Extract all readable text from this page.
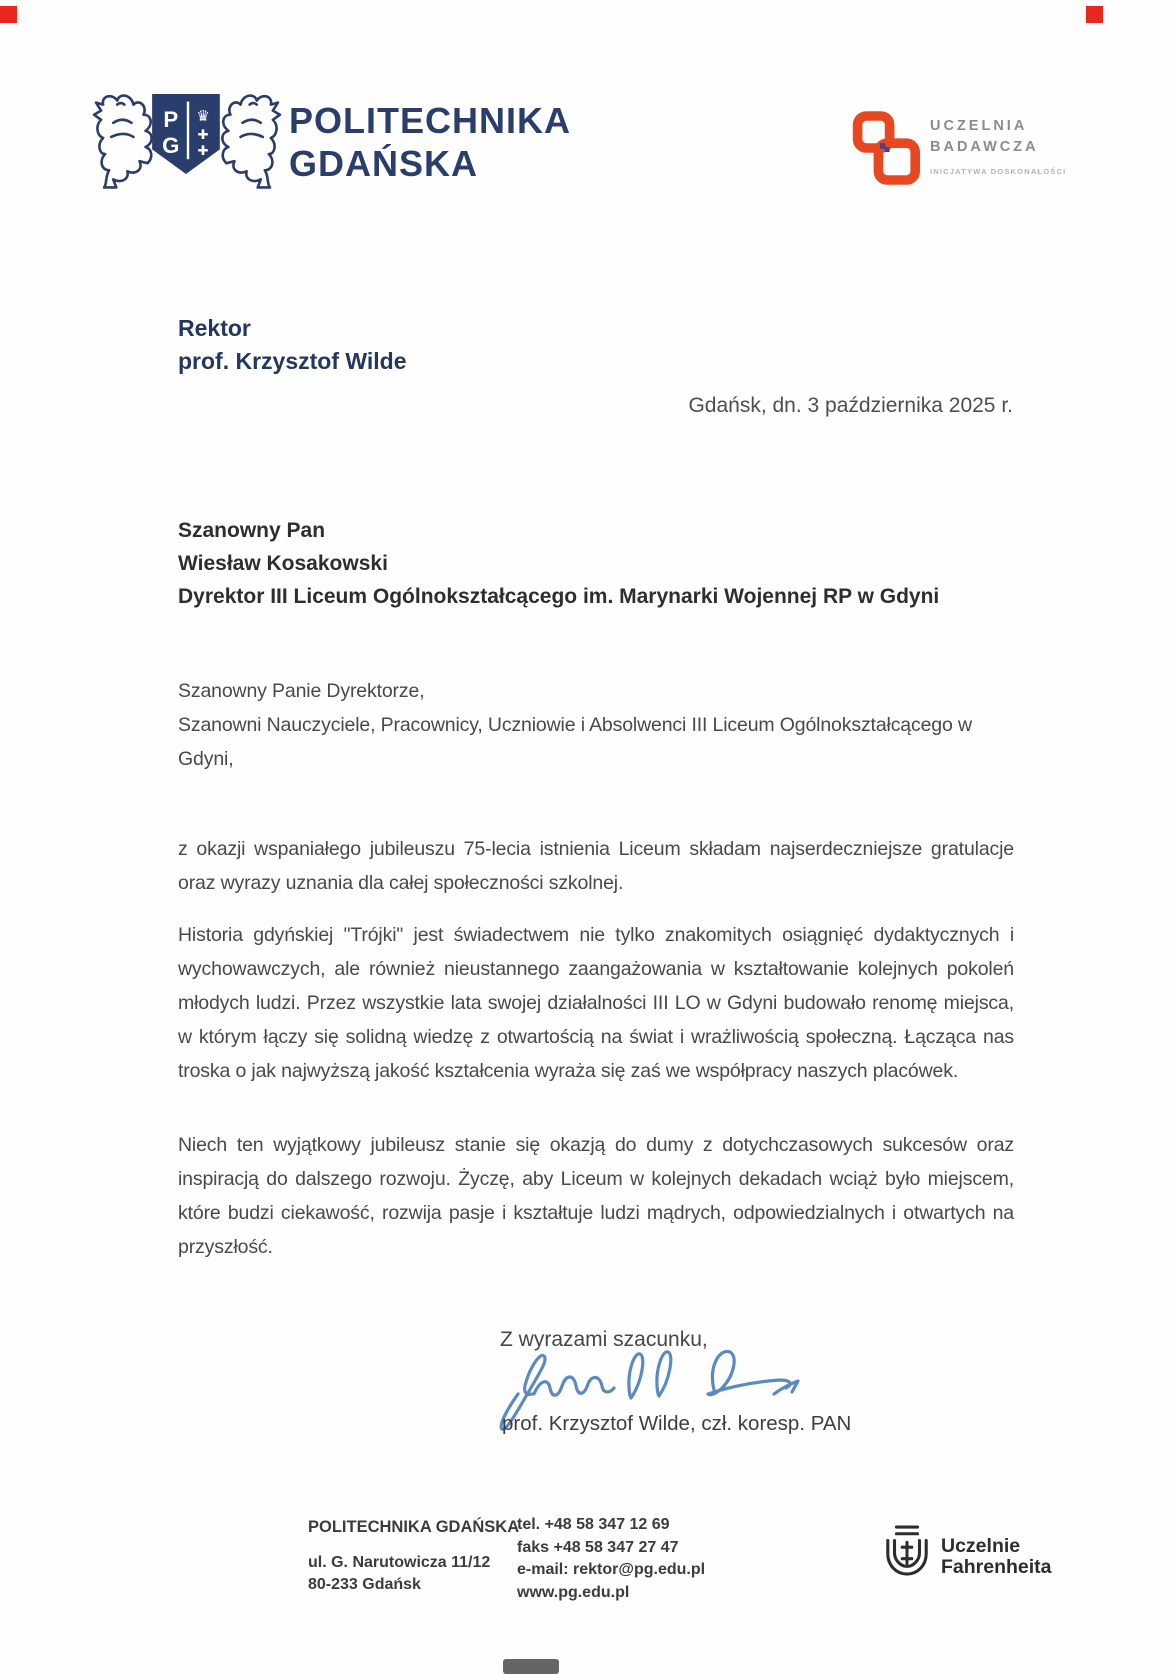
P
G
♛
✚
✚
POLITECHNIKA
GDAŃSKA
UCZELNIA
BADAWCZA
INICJATYWA DOSKONAŁOŚCI
Rektor
prof. Krzysztof Wilde
Gdańsk, dn. 3 października 2025 r.
Szanowny Pan
Wiesław Kosakowski
Dyrektor III Liceum Ogólnokształcącego im. Marynarki Wojennej RP w Gdyni
Szanowny Panie Dyrektorze,
Szanowni Nauczyciele, Pracownicy, Uczniowie i Absolwenci III Liceum Ogólnokształcącego w Gdyni,
z okazji wspaniałego jubileuszu 75-lecia istnienia Liceum składam najserdeczniejsze gratulacje oraz wyrazy uznania dla całej społeczności szkolnej.
Historia gdyńskiej "Trójki" jest świadectwem nie tylko znakomitych osiągnięć dydaktycznych i wychowawczych, ale również nieustannego zaangażowania w kształtowanie kolejnych pokoleń młodych ludzi. Przez wszystkie lata swojej działalności III LO w Gdyni budowało renomę miejsca, w którym łączy się solidną wiedzę z otwartością na świat i wrażliwością społeczną. Łącząca nas troska o jak najwyższą jakość kształcenia wyraża się zaś we współpracy naszych placówek.
Niech ten wyjątkowy jubileusz stanie się okazją do dumy z dotychczasowych sukcesów oraz inspiracją do dalszego rozwoju. Życzę, aby Liceum w kolejnych dekadach wciąż było miejscem, które budzi ciekawość, rozwija pasje i kształtuje ludzi mądrych, odpowiedzialnych i otwartych na przyszłość.
Z wyrazami szacunku,
prof. Krzysztof Wilde, czł. koresp. PAN
POLITECHNIKA GDAŃSKA
ul. G. Narutowicza 11/12
80-233 Gdańsk
tel. +48 58 347 12 69
faks +48 58 347 27 47
e-mail: rektor@pg.edu.pl
www.pg.edu.pl
Uczelnie
Fahrenheita
